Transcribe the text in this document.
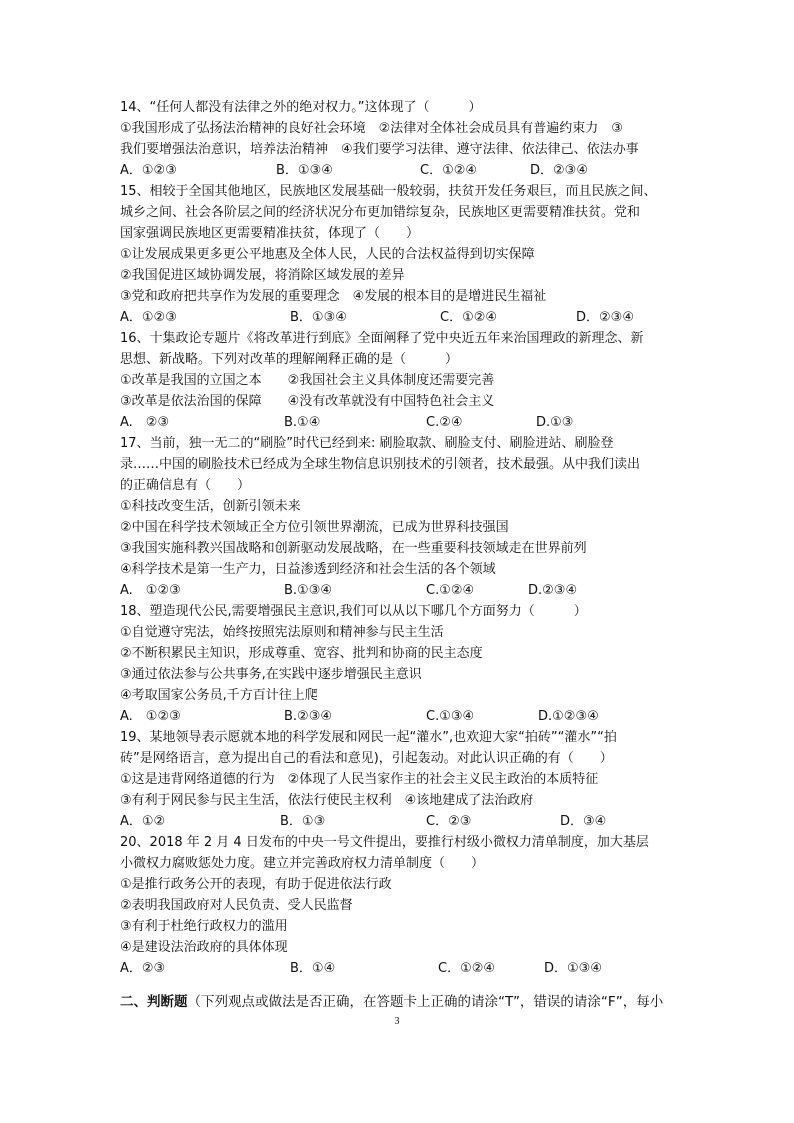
14、“任何人都没有法律之外的绝对权力。”这体现了（　　　）
①我国形成了弘扬法治精神的良好社会环境　②法律对全体社会成员具有普遍约束力　③
我们要增强法治意识，培养法治精神　④我们要学习法律、遵守法律、依法律己、依法办事
A．①②③	B．①③④	C．①②④	D．②③④
15、相较于全国其他地区，民族地区发展基础一般较弱，扶贫开发任务艰巨，而且民族之间、
城乡之间、社会各阶层之间的经济状况分布更加错综复杂，民族地区更需要精准扶贫。党和
国家强调民族地区更需要精准扶贫，体现了（　　）
①让发展成果更多更公平地惠及全体人民，人民的合法权益得到切实保障
②我国促进区域协调发展，将消除区域发展的差异
③党和政府把共享作为发展的重要理念　④发展的根本目的是增进民生福祉
A．①②③	B．①③④	C．①②④	D．②③④
16、十集政论专题片《将改革进行到底》全面阐释了党中央近五年来治国理政的新理念、新
思想、新战略。下列对改革的理解阐释正确的是（　　　）
①改革是我国的立国之本　　②我国社会主义具体制度还需要完善
③改革是依法治国的保障　　④没有改革就没有中国特色社会主义
A.　②③	B.①④	C.②④	D.①③
17、当前，独一无二的“刷脸”时代已经到来: 刷脸取款、刷脸支付、刷脸进站、刷脸登
录……中国的刷脸技术已经成为全球生物信息识别技术的引领者，技术最强。从中我们读出
的正确信息有（　　）
①科技改变生活，创新引领未来
②中国在科学技术领域正全方位引领世界潮流，已成为世界科技强国
③我国实施科教兴国战略和创新驱动发展战略，在一些重要科技领域走在世界前列
④科学技术是第一生产力，日益渗透到经济和社会生活的各个领域
A.　①②③	B.①③④	C.①②④	D.②③④
18、塑造现代公民,需要增强民主意识,我们可以从以下哪几个方面努力（　　　）
①自觉遵守宪法，始终按照宪法原则和精神参与民主生活
②不断积累民主知识，形成尊重、宽容、批判和协商的民主态度
③通过依法参与公共事务,在实践中逐步增强民主意识
④考取国家公务员,千方百计往上爬
A.　①②③	B.②③④	C.①③④	D.①②③④
19、某地领导表示愿就本地的科学发展和网民一起“灌水”,也欢迎大家“拍砖”“灌水”“拍
砖”是网络语言，意为提出自己的看法和意见)，引起轰动。对此认识正确的有（　　）
①这是违背网络道德的行为　②体现了人民当家作主的社会主义民主政治的本质特征
③有利于网民参与民主生活，依法行使民主权利　④该地建成了法治政府
A．①②	B．①③	C．②③	D．③④
20、2018 年 2 月 4 日发布的中央一号文件提出，要推行村级小微权力清单制度，加大基层
小微权力腐败惩处力度。建立并完善政府权力清单制度（　　）
①是推行政务公开的表现，有助于促进依法行政
②表明我国政府对人民负责、受人民监督
③有利于杜绝行政权力的滥用
④是建设法治政府的具体体现
A．②③	B．①④	C．①②④	D．①③④
二、判断题（下列观点或做法是否正确，在答题卡上正确的请涂“T”，错误的请涂“F”，每小
3
